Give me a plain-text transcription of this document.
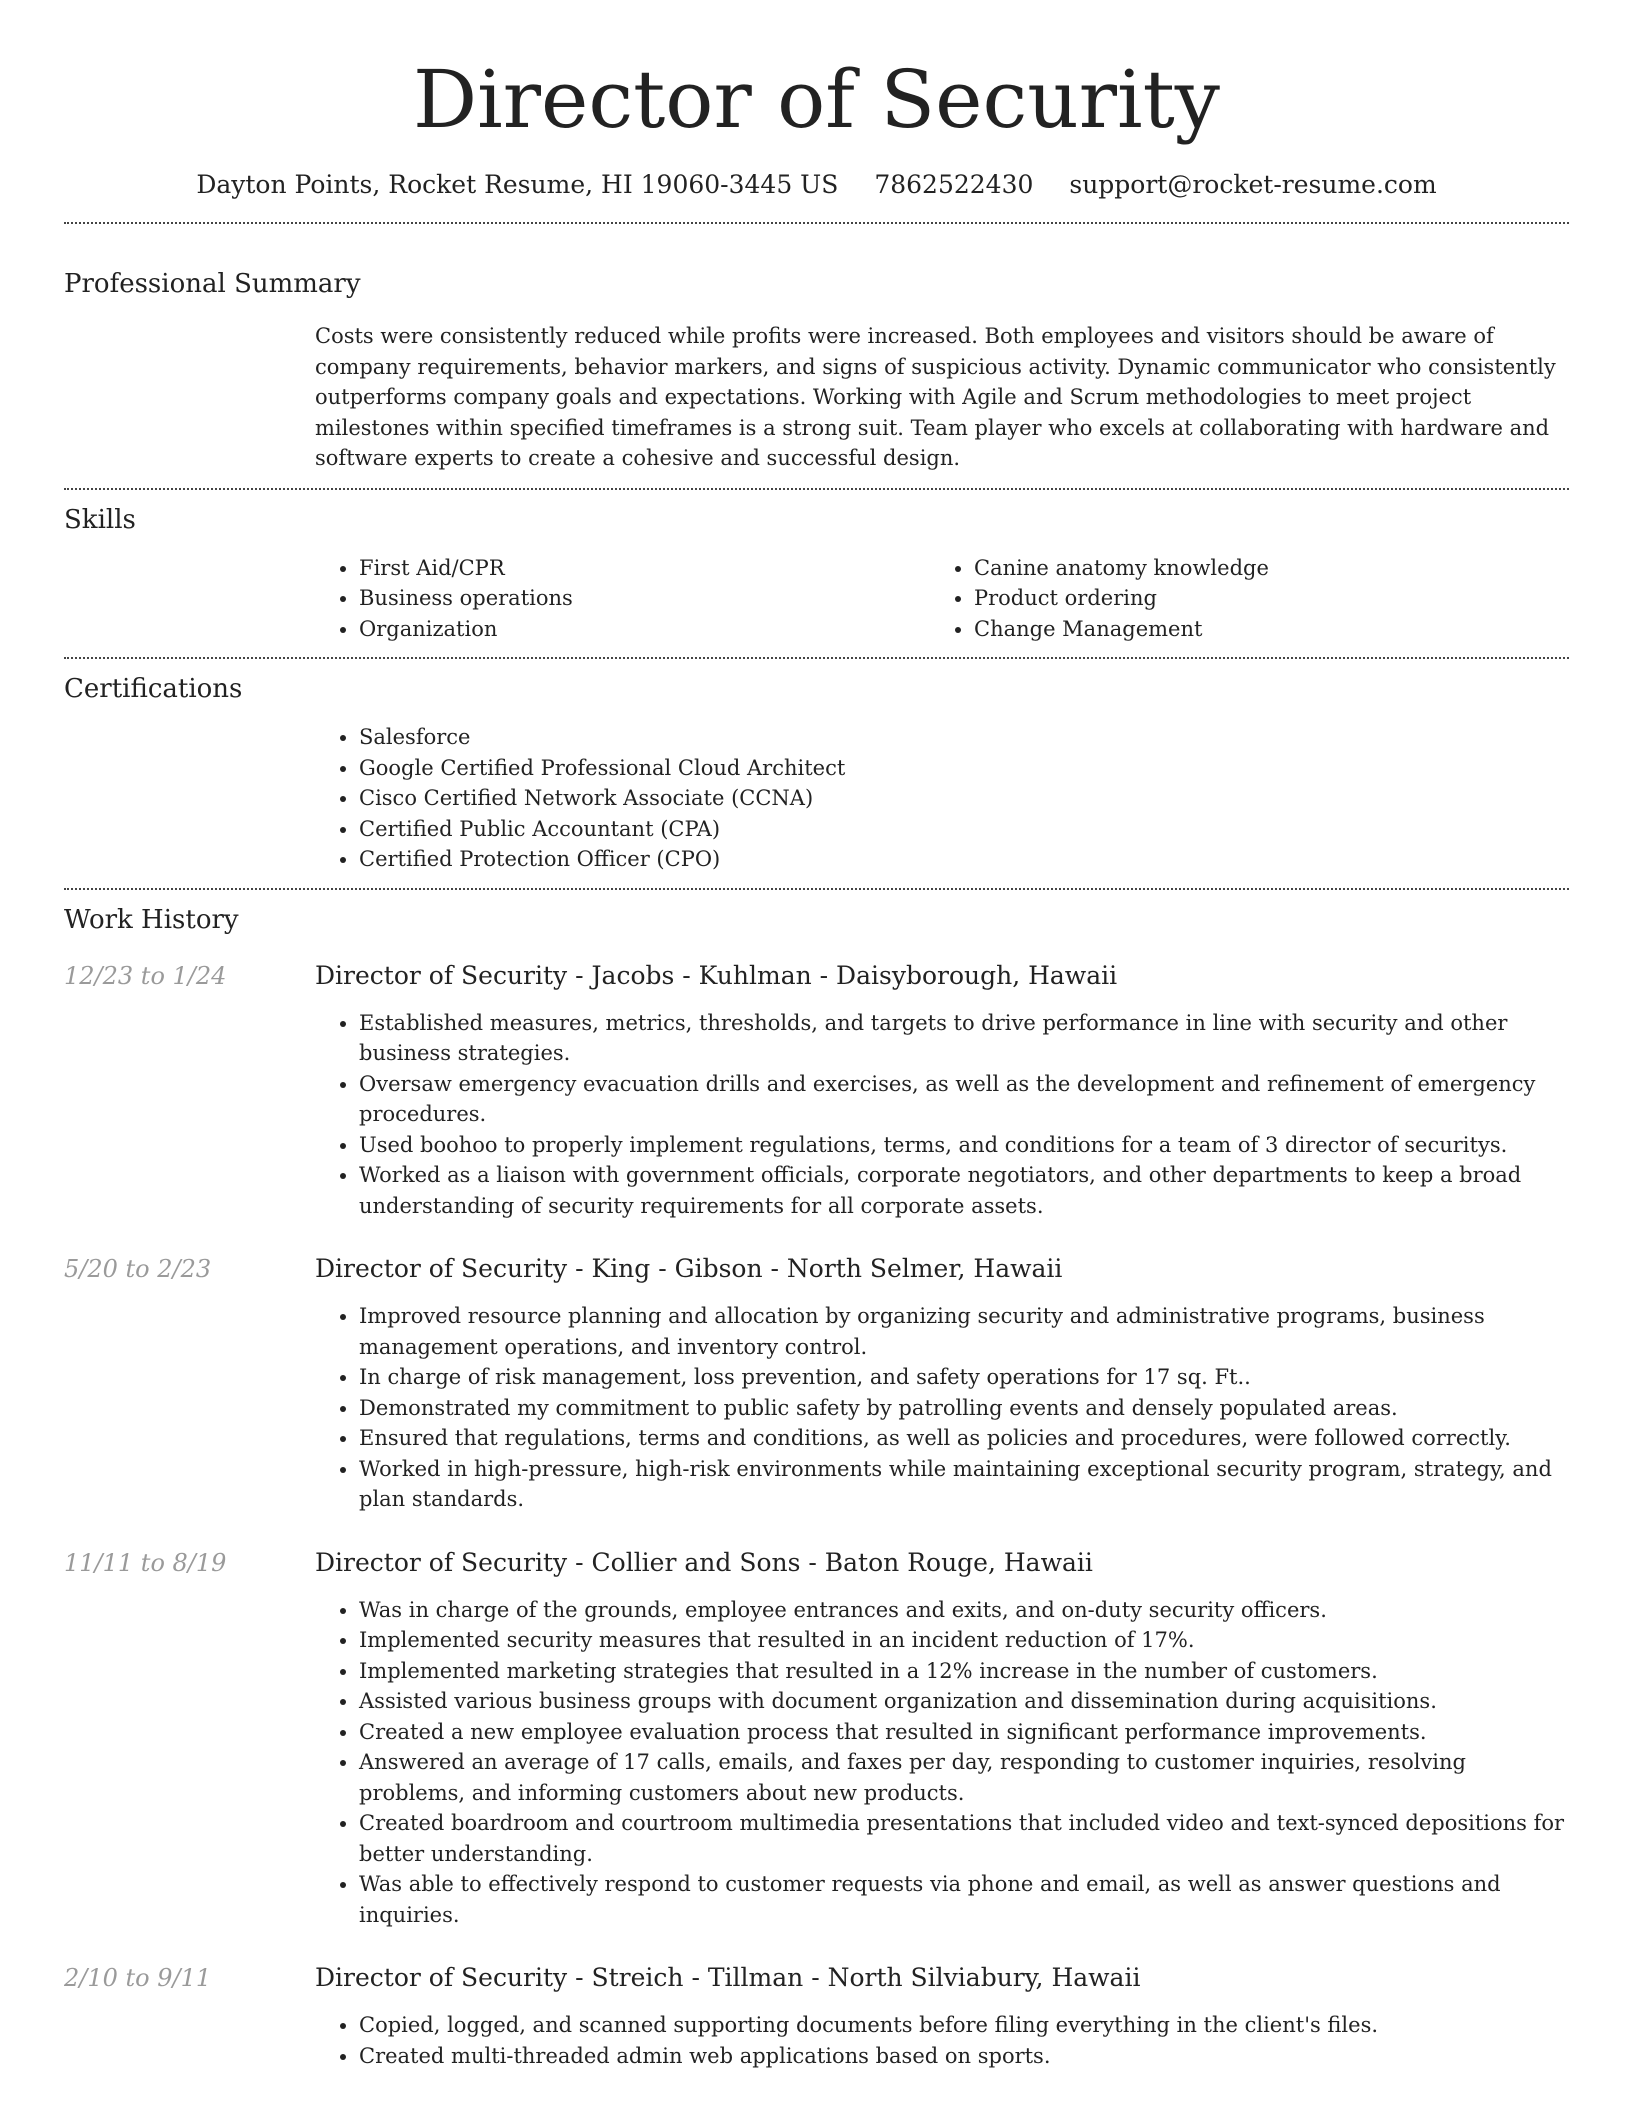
Director of Security
Dayton Points, Rocket Resume, HI 19060-3445 US 7862522430 support@rocket-resume.com
Professional Summary
Costs were consistently reduced while profits were increased. Both employees and visitors should be aware of company requirements, behavior markers, and signs of suspicious activity. Dynamic communicator who consistently outperforms company goals and expectations. Working with Agile and Scrum methodologies to meet project milestones within specified timeframes is a strong suit. Team player who excels at collaborating with hardware and software experts to create a cohesive and successful design.
Skills
• First Aid/CPR
• Business operations
• Organization
• Canine anatomy knowledge
• Product ordering
• Change Management
Certifications
• Salesforce
• Google Certified Professional Cloud Architect
• Cisco Certified Network Associate (CCNA)
• Certified Public Accountant (CPA)
• Certified Protection Officer (CPO)
Work History
12/23 to 1/24	Director of Security - Jacobs - Kuhlman - Daisyborough, Hawaii
• Established measures, metrics, thresholds, and targets to drive performance in line with security and other business strategies.
• Oversaw emergency evacuation drills and exercises, as well as the development and refinement of emergency procedures.
• Used boohoo to properly implement regulations, terms, and conditions for a team of 3 director of securitys.
• Worked as a liaison with government officials, corporate negotiators, and other departments to keep a broad understanding of security requirements for all corporate assets.
5/20 to 2/23	Director of Security - King - Gibson - North Selmer, Hawaii
• Improved resource planning and allocation by organizing security and administrative programs, business management operations, and inventory control.
• In charge of risk management, loss prevention, and safety operations for 17 sq. Ft..
• Demonstrated my commitment to public safety by patrolling events and densely populated areas.
• Ensured that regulations, terms and conditions, as well as policies and procedures, were followed correctly.
• Worked in high-pressure, high-risk environments while maintaining exceptional security program, strategy, and plan standards.
11/11 to 8/19	Director of Security - Collier and Sons - Baton Rouge, Hawaii
• Was in charge of the grounds, employee entrances and exits, and on-duty security officers.
• Implemented security measures that resulted in an incident reduction of 17%.
• Implemented marketing strategies that resulted in a 12% increase in the number of customers.
• Assisted various business groups with document organization and dissemination during acquisitions.
• Created a new employee evaluation process that resulted in significant performance improvements.
• Answered an average of 17 calls, emails, and faxes per day, responding to customer inquiries, resolving problems, and informing customers about new products.
• Created boardroom and courtroom multimedia presentations that included video and text-synced depositions for better understanding.
• Was able to effectively respond to customer requests via phone and email, as well as answer questions and inquiries.
2/10 to 9/11	Director of Security - Streich - Tillman - North Silviabury, Hawaii
• Copied, logged, and scanned supporting documents before filing everything in the client's files.
• Created multi-threaded admin web applications based on sports.
